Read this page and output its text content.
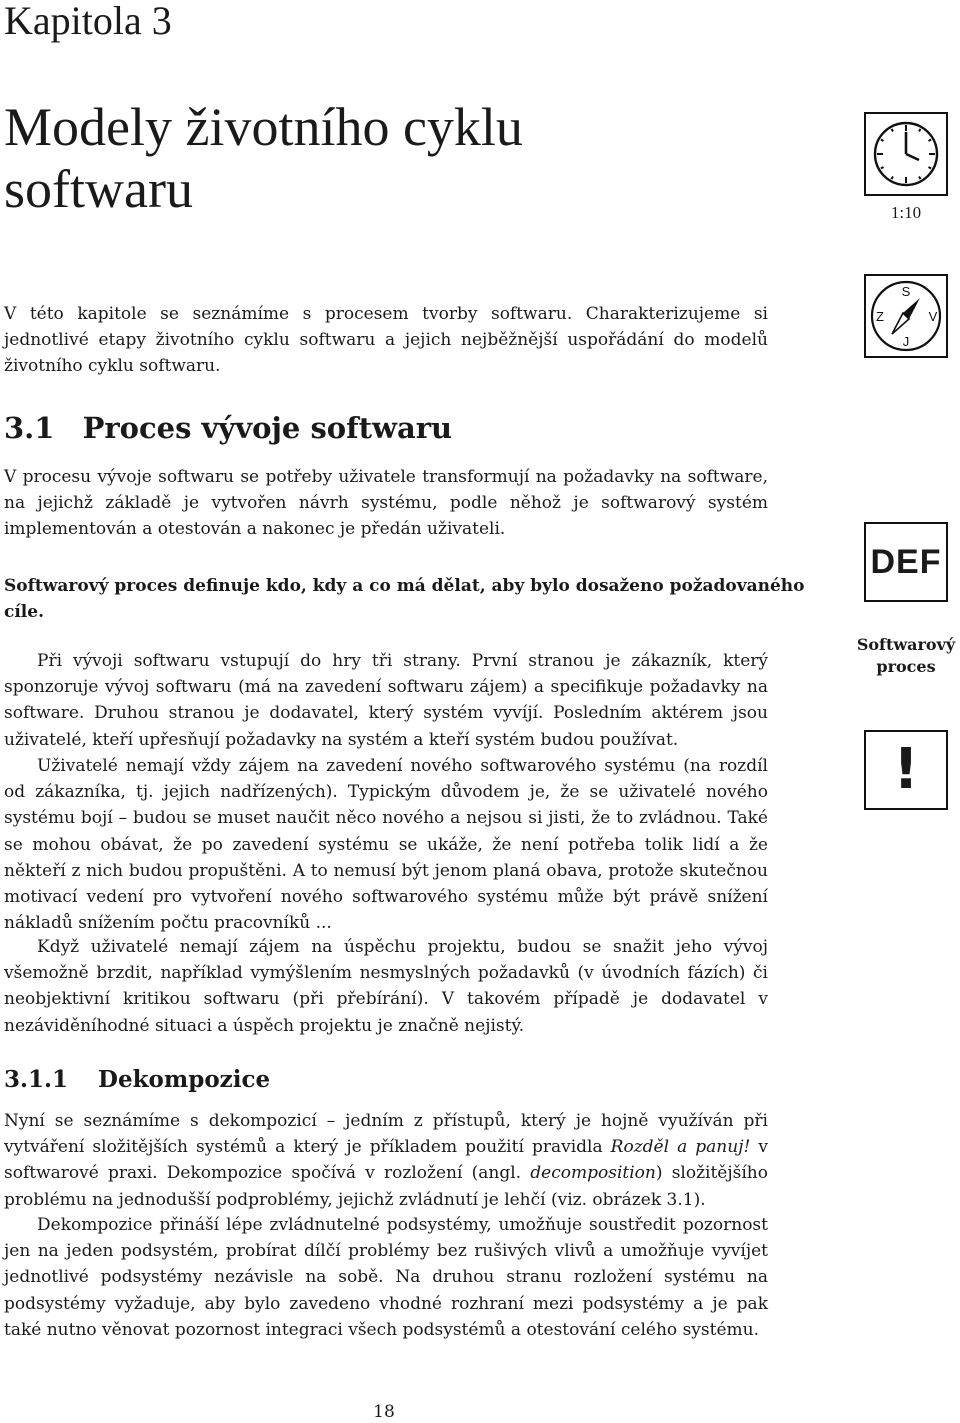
Kapitola 3
Modely životního cyklu
softwaru	1:10
S
J
Z	V

V této kapitole se seznámíme s procesem tvorby softwaru. Charakterizujeme si jednotlivé etapy životního cyklu softwaru a jejich nejběžnější uspořádání do modelů životního cyklu softwaru.

3.1 Proces vývoje softwaru

V procesu vývoje softwaru se potřeby uživatele transformují na požadavky na software, na jejichž základě je vytvořen návrh systému, podle něhož je softwarový systém implementován a otestován a nakonec je předán uživateli.

DEF

Softwarový proces definuje kdo, kdy a co má dělat, aby bylo dosaženo požadovaného cíle.

Softwarový
proces

Při vývoji softwaru vstupují do hry tři strany. První stranou je zákazník, který sponzoruje vývoj softwaru (má na zavedení softwaru zájem) a specifikuje požadavky na software. Druhou stranou je dodavatel, který systém vyvíjí. Posledním aktérem jsou uživatelé, kteří upřesňují požadavky na systém a kteří systém budou používat.	!

Uživatelé nemají vždy zájem na zavedení nového softwarového systému (na rozdíl od zákazníka, tj. jejich nadřízených). Typickým důvodem je, že se uživatelé nového systému bojí – budou se muset naučit něco nového a nejsou si jisti, že to zvládnou. Také se mohou obávat, že po zavedení systému se ukáže, že není potřeba tolik lidí a že někteří z nich budou propuštěni. A to nemusí být jenom planá obava, protože skutečnou motivací vedení pro vytvoření nového softwarového systému může být právě snížení nákladů snížením počtu pracovníků ...

Když uživatelé nemají zájem na úspěchu projektu, budou se snažit jeho vývoj všemožně brzdit, například vymýšlením nesmyslných požadavků (v úvodních fázích) či neobjektivní kritikou softwaru (při přebírání). V takovém případě je dodavatel v nezáviděníhodné situaci a úspěch projektu je značně nejistý.

3.1.1 Dekompozice

Nyní se seznámíme s dekompozicí – jedním z přístupů, který je hojně využíván při vytváření složitějších systémů a který je příkladem použití pravidla Rozděl a panuj! v softwarové praxi. Dekompozice spočívá v rozložení (angl. decomposition) složitějšího problému na jednodušší podproblémy, jejichž zvládnutí je lehčí (viz. obrázek 3.1).

Dekompozice přináší lépe zvládnutelné podsystémy, umožňuje soustředit pozornost jen na jeden podsystém, probírat dílčí problémy bez rušivých vlivů a umožňuje vyvíjet jednotlivé podsystémy nezávisle na sobě. Na druhou stranu rozložení systému na podsystémy vyžaduje, aby bylo zavedeno vhodné rozhraní mezi podsystémy a je pak také nutno věnovat pozornost integraci všech podsystémů a otestování celého systému.

18
